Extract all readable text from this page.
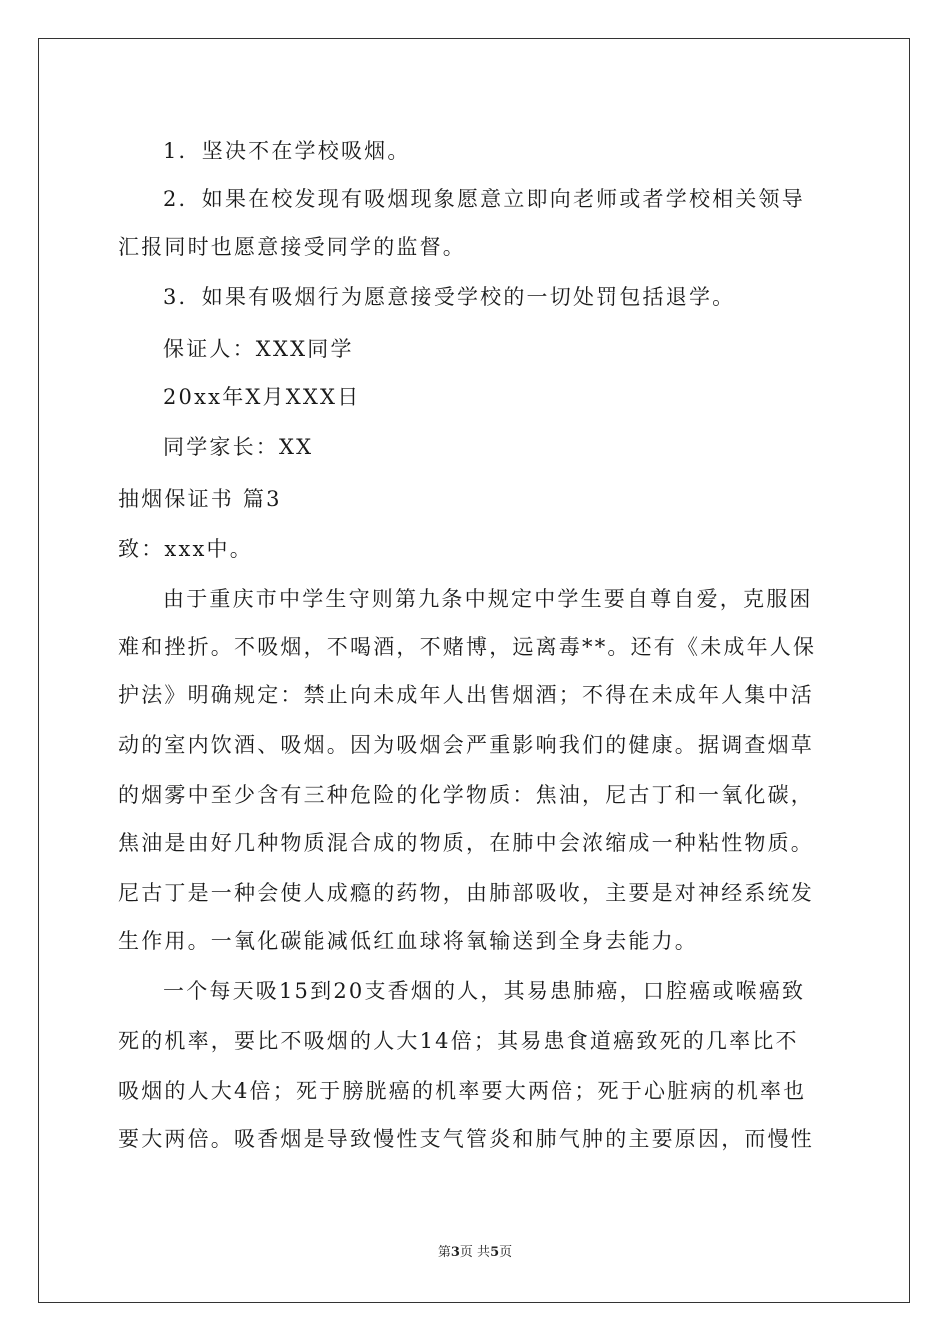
1．坚决不在学校吸烟。
2．如果在校发现有吸烟现象愿意立即向老师或者学校相关领导
汇报同时也愿意接受同学的监督。
3．如果有吸烟行为愿意接受学校的一切处罚包括退学。
保证人：XXX同学
20xx年X月XXX日
同学家长：XX
抽烟保证书 篇3
致：xxx中。
由于重庆市中学生守则第九条中规定中学生要自尊自爱，克服困
难和挫折。不吸烟，不喝酒，不赌博，远离毒**。还有《未成年人保
护法》明确规定：禁止向未成年人出售烟酒；不得在未成年人集中活
动的室内饮酒、吸烟。因为吸烟会严重影响我们的健康。据调查烟草
的烟雾中至少含有三种危险的化学物质：焦油，尼古丁和一氧化碳，
焦油是由好几种物质混合成的物质，在肺中会浓缩成一种粘性物质。
尼古丁是一种会使人成瘾的药物，由肺部吸收，主要是对神经系统发
生作用。一氧化碳能减低红血球将氧输送到全身去能力。
一个每天吸15到20支香烟的人，其易患肺癌，口腔癌或喉癌致
死的机率，要比不吸烟的人大14倍；其易患食道癌致死的几率比不
吸烟的人大4倍；死于膀胱癌的机率要大两倍；死于心脏病的机率也
要大两倍。吸香烟是导致慢性支气管炎和肺气肿的主要原因，而慢性
第3页 共5页
